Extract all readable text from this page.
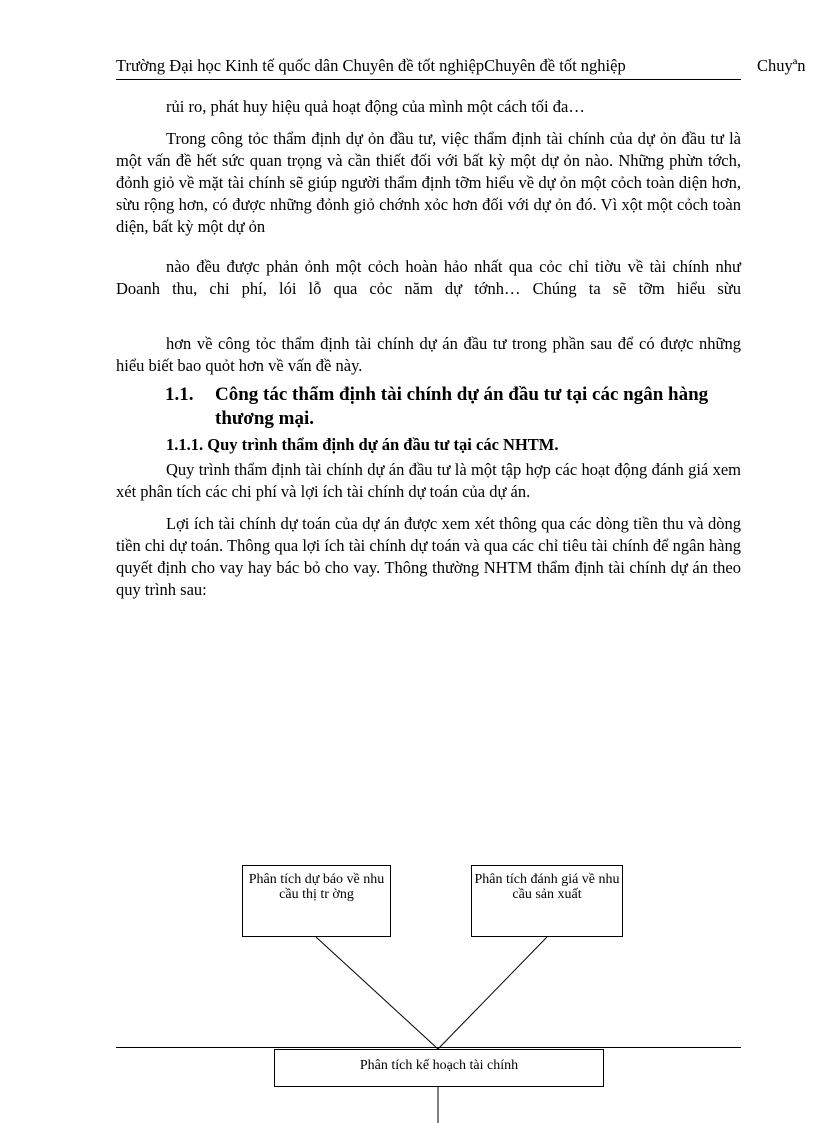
Trường Đại học Kinh tế quốc dân Chuyên đề tốt nghiệpChuyên đề tốt nghiệp	Chuyªn
rủi ro, phát huy hiệu quả hoạt động của mình một cách tối đa…
Trong công tỏc thẩm định dự ỏn đầu tư, việc thẩm định tài chính của dự ỏn đầu tư là một vấn đề hết sức quan trọng và cần thiết đối với bất kỳ một dự ỏn nào. Những phừn tớch, đỏnh giỏ về mặt tài chính sẽ giúp người thẩm định tỡm hiểu về dự ỏn một cỏch toàn diện hơn, sừu rộng hơn, có được những đỏnh giỏ chớnh xỏc hơn đối với dự ỏn đó. Vì xột một cỏch toàn diện, bất kỳ một dự ỏn
nào đều được phản ỏnh một cỏch hoàn hảo nhất qua cỏc chỉ tiờu về tài chính như Doanh thu, chi phí, lói lỗ qua cỏc năm dự tớnh… Chúng ta sẽ tỡm hiểu sừu
hơn về công tỏc thẩm định tài chính dự án đầu tư trong phần sau để có được những hiểu biết bao quỏt hơn về vấn đề này.
1.1. Công tác thẩm định tài chính dự án đầu tư tại các ngân hàng thương mại.
1.1.1. Quy trình thẩm định dự án đầu tư tại các NHTM.
Quy trình thẩm định tài chính dự án đầu tư là một tập hợp các hoạt động đánh giá xem xét phân tích các chi phí và lợi ích tài chính dự toán của dự án.
Lợi ích tài chính dự toán của dự án được xem xét thông qua các dòng tiền thu và dòng tiền chi dự toán. Thông qua lợi ích tài chính dự toán và qua các chỉ tiêu tài chính để ngân hàng quyết định cho vay hay bác bỏ cho vay. Thông thường NHTM thẩm định tài chính dự án theo quy trình sau:
Phân tích dự báo về nhu cầu thị tr ờng
Phân tích đánh giá về nhu cầu sản xuất
Phân tích kế hoạch tài chính
